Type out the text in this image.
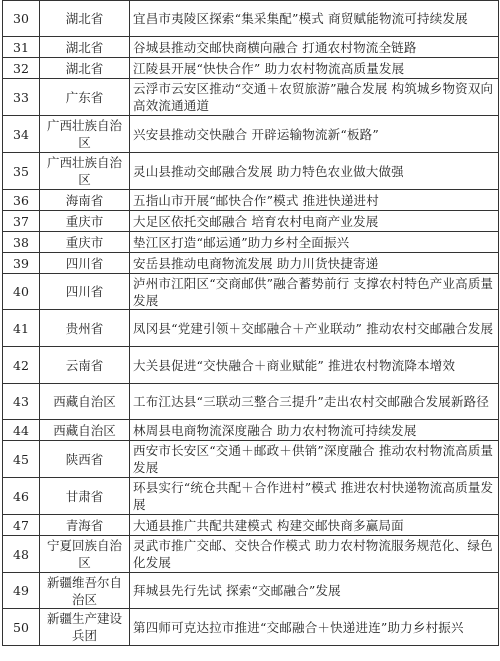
30	湖北省	宜昌市夷陵区探索“集采集配”模式 商贸赋能物流可持续发展
31	湖北省	谷城县推动交邮快商横向融合 打通农村物流全链路
32	湖北省	江陵县开展“快快合作” 助力农村物流高质量发展
33	广东省	云浮市云安区推动“交通＋农贸旅游”融合发展 构筑城乡物资双向高效流通通道
34	广西壮族自治区	兴安县推动交快融合 开辟运输物流新“板路”
35	广西壮族自治区	灵山县推动交邮融合发展 助力特色农业做大做强
36	海南省	五指山市开展“邮快合作”模式 推进快递进村
37	重庆市	大足区依托交邮融合 培育农村电商产业发展
38	重庆市	垫江区打造“邮运通”助力乡村全面振兴
39	四川省	安岳县推动电商物流发展 助力川货快捷寄递
40	四川省	泸州市江阳区“交商邮供”融合蓄势前行 支撑农村特色产业高质量发展
41	贵州省	凤冈县“党建引领＋交邮融合＋产业联动” 推动农村交邮融合发展
42	云南省	大关县促进“交快融合＋商业赋能” 推进农村物流降本增效
43	西藏自治区	工布江达县“三联动三整合三提升”走出农村交邮融合发展新路径
44	西藏自治区	林周县电商物流深度融合 助力农村物流可持续发展
45	陕西省	西安市长安区“交通＋邮政＋供销”深度融合 推动农村物流高质量发展
46	甘肃省	环县实行“统仓共配＋合作进村”模式 推进农村快递物流高质量发展
47	青海省	大通县推广共配共建模式 构建交邮快商多赢局面
48	宁夏回族自治区	灵武市推广交邮、交快合作模式 助力农村物流服务规范化、绿色化发展
49	新疆维吾尔自治区	拜城县先行先试 探索“交邮融合”发展
50	新疆生产建设兵团	第四师可克达拉市推进“交邮融合＋快递进连”助力乡村振兴
